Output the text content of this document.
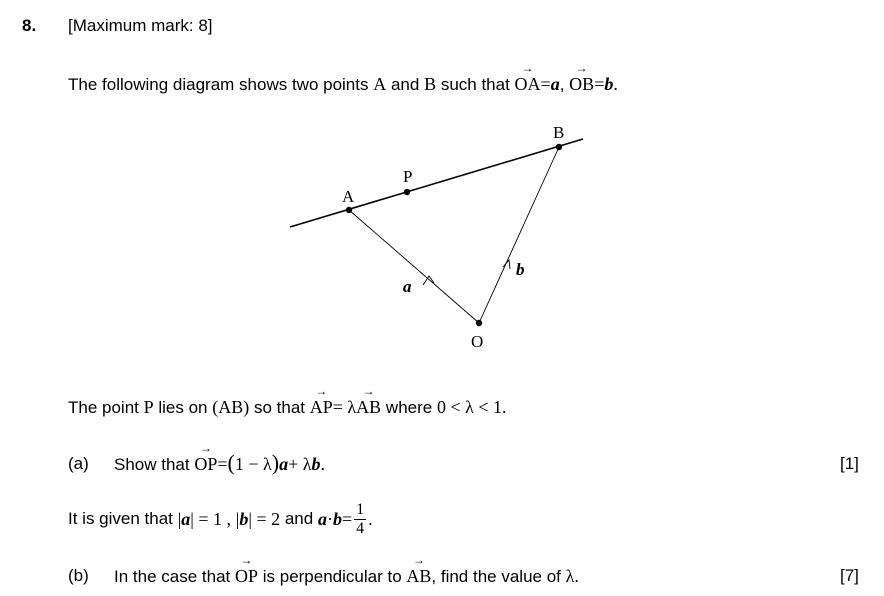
8. [Maximum mark: 8]
The following diagram shows two points A and B such that → OA=a, → OB=b.
A
P
B
O
a
b
The point P lies on (AB) so that → AP= λ→ AB where 0 < λ < 1.
(a) Show that → OP=(1 − λ)a+ λb.	[1]
It is given that
| a | = 1 ,
| b | = 2
and
$a \cdot b = \frac{1}{4}$ .
(b) In the case that → OP is perpendicular to → AB, find the value of λ.	[7]
